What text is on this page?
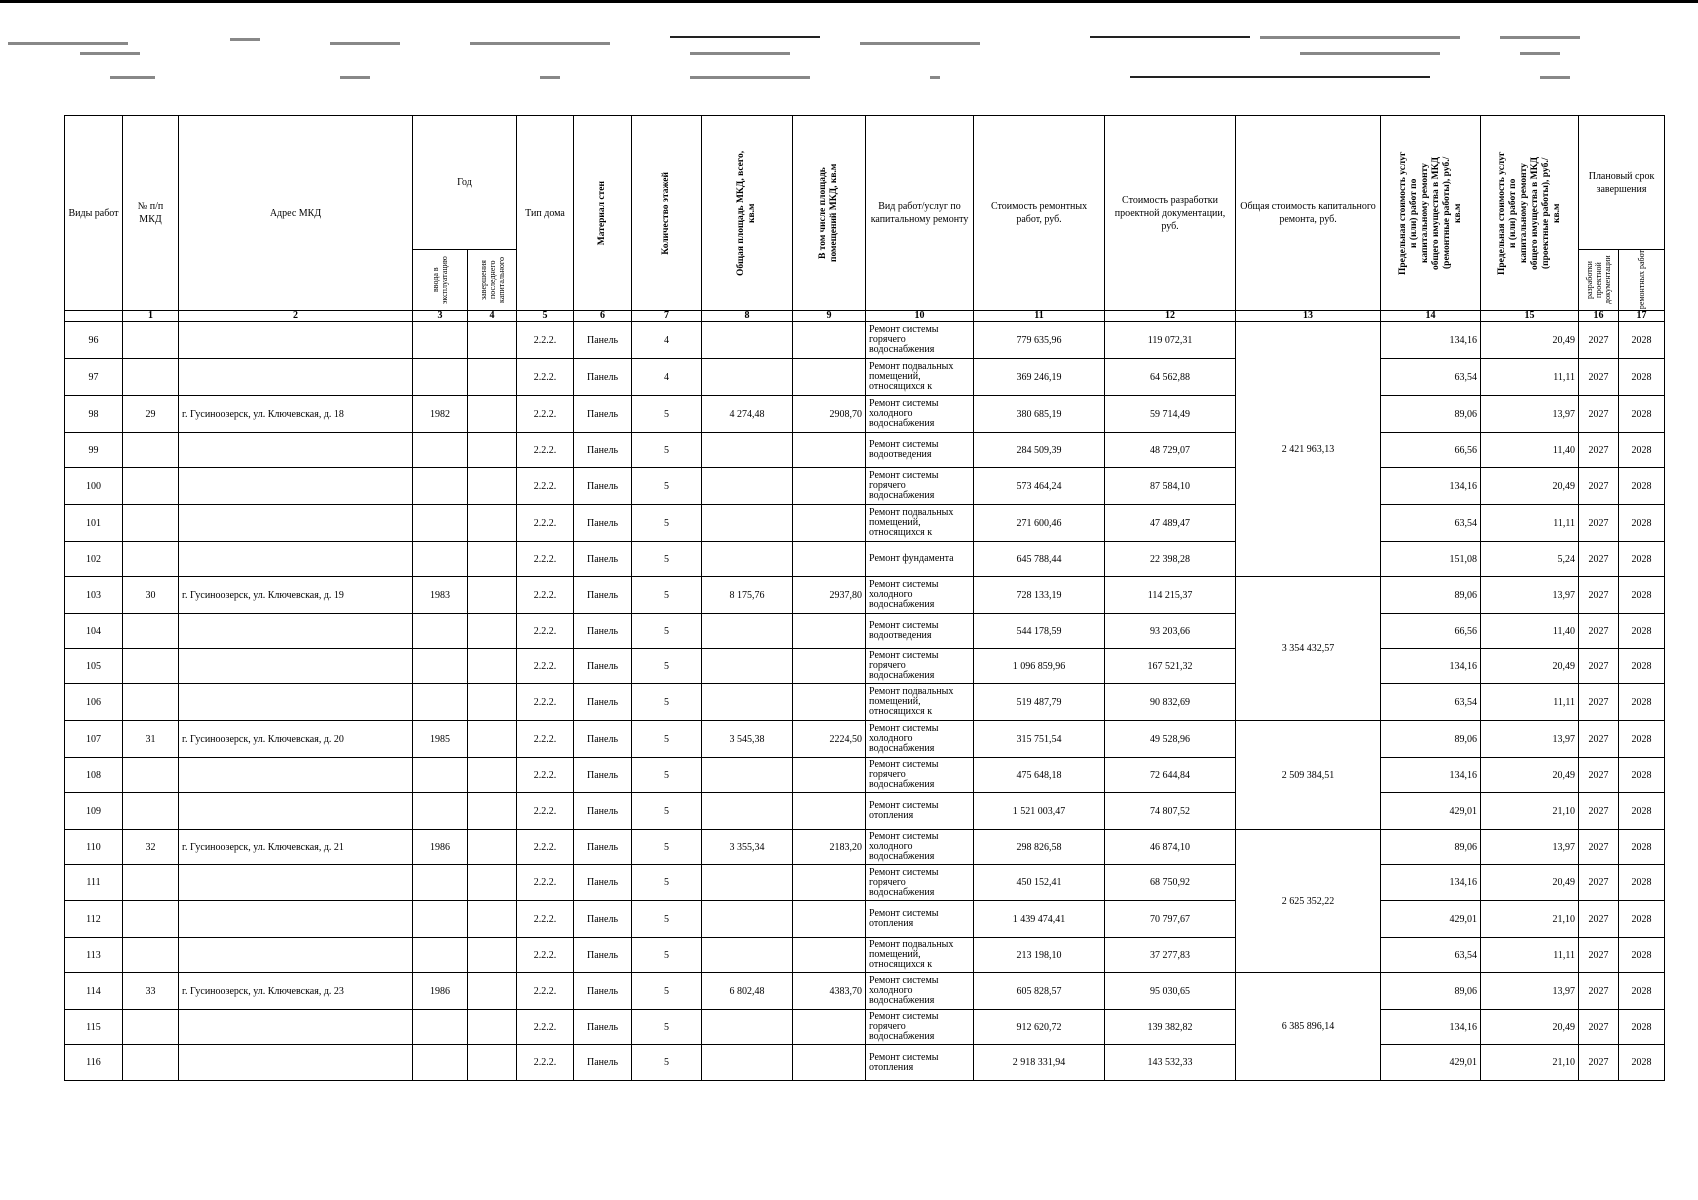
Виды работ	№ п/п МКД	Адрес МКД	Год		Тип дома	Материал стен	Количество этажей	Общая площадь МКД, всего, кв.м	В том числе площадь помещений МКД, кв.м	Вид работ/услуг по капитальному ремонту	Стоимость ремонтных работ, руб.	Стоимость разработки проектной документации, руб.	Общая стоимость капитального ремонта, руб.	Предельная стоимость услуг и (или) работ по капитальному ремонту общего имущества в МКД (ремонтные работы), руб./кв.м	Предельная стоимость услуг и (или) работ по капитальному ремонту общего имущества в МКД (проектные работы), руб./кв.м	Плановый срок завершения	

			ввода в эксплуатацию	завершения последнего капитального												разработки проектной документации	ремонтных работ

	1	2	3	4	5	6	7	8	9	10	11	12	13	14	15	16	17
96					2.2.2.	Панель	4			Ремонт системы горячего водоснабжения	779 635,96	119 072,31	2 421 963,13	134,16	20,49	2027	2028
97					2.2.2.	Панель	4			Ремонт подвальных помещений, относящихся к	369 246,19	64 562,88		63,54	11,11	2027	2028
98	29	г. Гусиноозерск, ул. Ключевская, д. 18	1982		2.2.2.	Панель	5	4 274,48	2908,70	Ремонт системы холодного водоснабжения	380 685,19	59 714,49		89,06	13,97	2027	2028
99					2.2.2.	Панель	5			Ремонт системы водоотведения	284 509,39	48 729,07		66,56	11,40	2027	2028
100					2.2.2.	Панель	5			Ремонт системы горячего водоснабжения	573 464,24	87 584,10		134,16	20,49	2027	2028
101					2.2.2.	Панель	5			Ремонт подвальных помещений, относящихся к	271 600,46	47 489,47		63,54	11,11	2027	2028
102					2.2.2.	Панель	5			Ремонт фундамента	645 788,44	22 398,28		151,08	5,24	2027	2028
103	30	г. Гусиноозерск, ул. Ключевская, д. 19	1983		2.2.2.	Панель	5	8 175,76	2937,80	Ремонт системы холодного водоснабжения	728 133,19	114 215,37	3 354 432,57	89,06	13,97	2027	2028
104					2.2.2.	Панель	5			Ремонт системы водоотведения	544 178,59	93 203,66		66,56	11,40	2027	2028
105					2.2.2.	Панель	5			Ремонт системы горячего водоснабжения	1 096 859,96	167 521,32		134,16	20,49	2027	2028
106					2.2.2.	Панель	5			Ремонт подвальных помещений, относящихся к	519 487,79	90 832,69		63,54	11,11	2027	2028
107	31	г. Гусиноозерск, ул. Ключевская, д. 20	1985		2.2.2.	Панель	5	3 545,38	2224,50	Ремонт системы холодного водоснабжения	315 751,54	49 528,96	2 509 384,51	89,06	13,97	2027	2028
108					2.2.2.	Панель	5			Ремонт системы горячего водоснабжения	475 648,18	72 644,84		134,16	20,49	2027	2028
109					2.2.2.	Панель	5			Ремонт системы отопления	1 521 003,47	74 807,52		429,01	21,10	2027	2028
110	32	г. Гусиноозерск, ул. Ключевская, д. 21	1986		2.2.2.	Панель	5	3 355,34	2183,20	Ремонт системы холодного водоснабжения	298 826,58	46 874,10	2 625 352,22	89,06	13,97	2027	2028
111					2.2.2.	Панель	5			Ремонт системы горячего водоснабжения	450 152,41	68 750,92		134,16	20,49	2027	2028
112					2.2.2.	Панель	5			Ремонт системы отопления	1 439 474,41	70 797,67		429,01	21,10	2027	2028
113					2.2.2.	Панель	5			Ремонт подвальных помещений, относящихся к	213 198,10	37 277,83		63,54	11,11	2027	2028
114	33	г. Гусиноозерск, ул. Ключевская, д. 23	1986		2.2.2.	Панель	5	6 802,48	4383,70	Ремонт системы холодного водоснабжения	605 828,57	95 030,65	6 385 896,14	89,06	13,97	2027	2028
115					2.2.2.	Панель	5			Ремонт системы горячего водоснабжения	912 620,72	139 382,82		134,16	20,49	2027	2028
116					2.2.2.	Панель	5			Ремонт системы отопления	2 918 331,94	143 532,33		429,01	21,10	2027	2028
